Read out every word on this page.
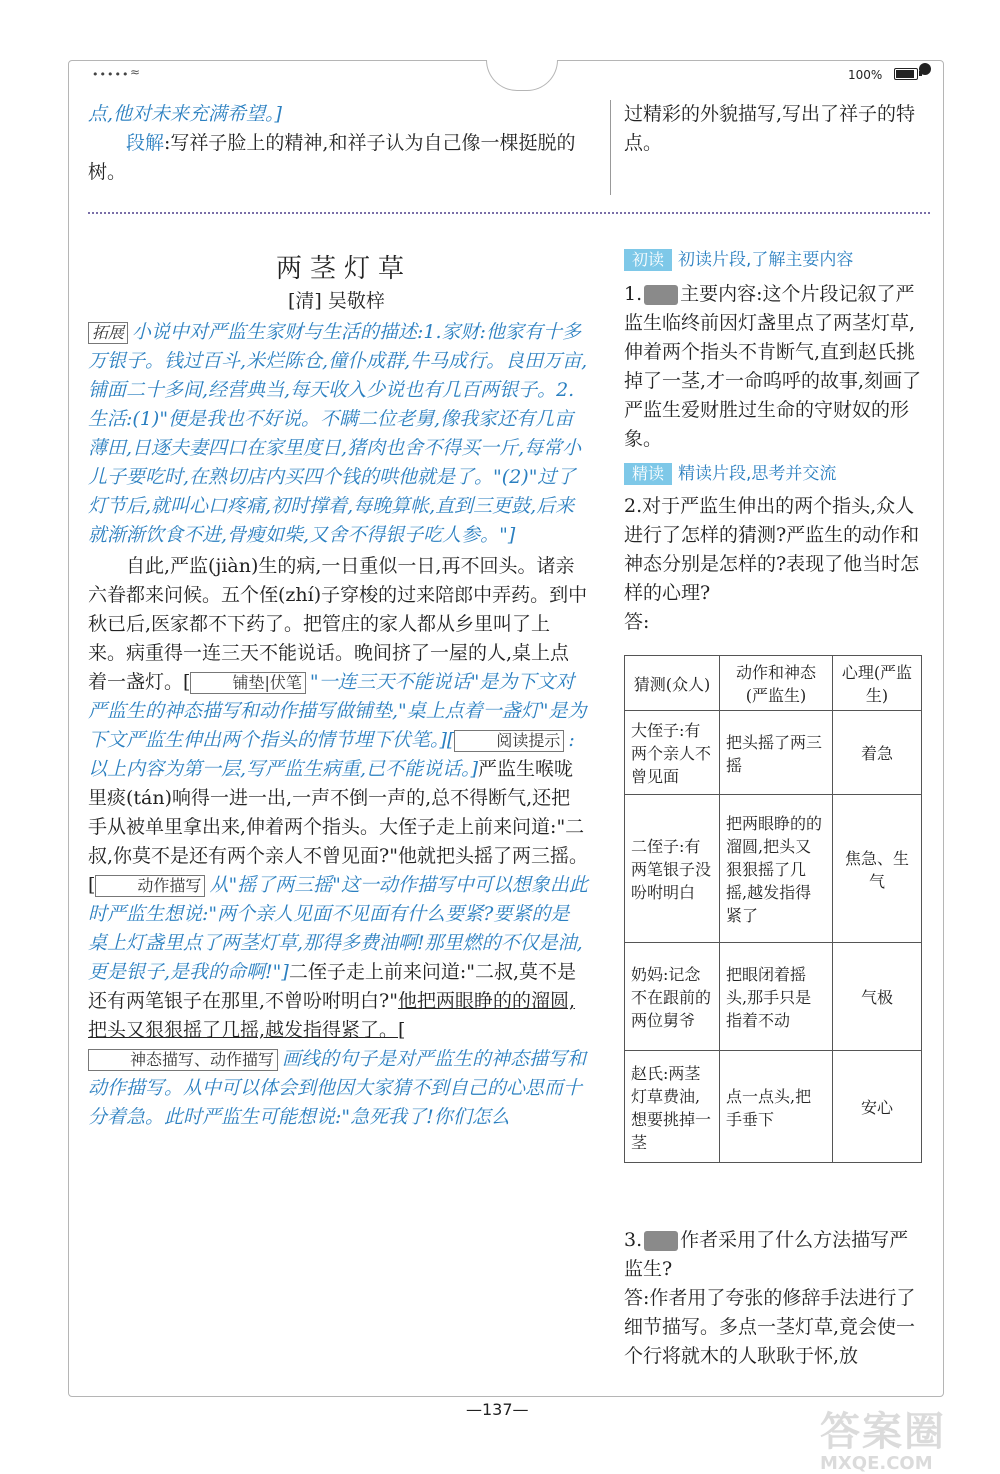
••••• ≈	100%
点,他对未来充满希望。]
段解:写祥子脸上的精神,和祥子认为自己像一棵挺脱的树。
过精彩的外貌描写,写出了祥子的特点。
两茎灯草
[清] 吴敬梓
拓展 小说中对严监生家财与生活的描述:1.家财:他家有十多万银子。钱过百斗,米烂陈仓,僮仆成群,牛马成行。良田万亩,铺面二十多间,经营典当,每天收入少说也有几百两银子。2.生活:(1)"便是我也不好说。不瞒二位老舅,像我家还有几亩薄田,日逐夫妻四口在家里度日,猪肉也舍不得买一斤,每常小儿子要吃时,在熟切店内买四个钱的哄他就是了。"(2)"过了灯节后,就叫心口疼痛,初时撑着,每晚算帐,直到三更鼓,后来就渐渐饮食不进,骨瘦如柴,又舍不得银子吃人参。"]
自此,严监(jiàn)生的病,一日重似一日,再不回头。诸亲六眷都来问候。五个侄(zhí)子穿梭的过来陪郎中弄药。到中秋已后,医家都不下药了。把管庄的家人都从乡里叫了上来。病重得一连三天不能说话。晚间挤了一屋的人,桌上点着一盏灯。[	铺垫|伏笔 "一连三天不能说话"是为下文对严监生的神态描写和动作描写做铺垫,"桌上点着一盏灯"是为下文严监生伸出两个指头的情节埋下伏笔。][	阅读提示 :以上内容为第一层,写严监生病重,已不能说话。]严监生喉咙里痰(tán)响得一进一出,一声不倒一声的,总不得断气,还把手从被单里拿出来,伸着两个指头。大侄子走上前来问道:"二叔,你莫不是还有两个亲人不曾见面?"他就把头摇了两三摇。[	动作描写 从"摇了两三摇"这一动作描写中可以想象出此时严监生想说:"两个亲人见面不见面有什么要紧?要紧的是桌上灯盏里点了两茎灯草,那得多费油啊!那里燃的不仅是油,更是银子,是我的命啊!"]二侄子走上前来问道:"二叔,莫不是还有两笔银子在那里,不曾吩咐明白?"他把两眼睁的的溜圆,把头又狠狠摇了几摇,越发指得紧了。[神态描写、动作描写 画线的句子是对严监生的神态描写和动作描写。从中可以体会到他因大家猜不到自己的心思而十分着急。此时严监生可能想说:"急死我了!你们怎么
初读 初读片段,了解主要内容
1. 主要内容:这个片段记叙了严监生临终前因灯盏里点了两茎灯草,伸着两个指头不肯断气,直到赵氏挑掉了一茎,才一命呜呼的故事,刻画了严监生爱财胜过生命的守财奴的形象。
精读 精读片段,思考并交流
2.对于严监生伸出的两个指头,众人进行了怎样的猜测?严监生的动作和神态分别是怎样的?表现了他当时怎样的心理?
答:
猜测(众人)	动作和神态(严监生)	心理(严监生)
大侄子:有两个亲人不曾见面	把头摇了两三摇	着急
二侄子:有两笔银子没吩咐明白	把两眼睁的的溜圆,把头又狠狠摇了几摇,越发指得紧了	焦急、生气
奶妈:记念不在跟前的两位舅爷	把眼闭着摇头,那手只是指着不动	气极
赵氏:两茎灯草费油,想要挑掉一茎	点一点头,把手垂下	安心
3. 作者采用了什么方法描写严监生?
答:作者用了夸张的修辞手法进行了细节描写。多点一茎灯草,竟会使一个行将就木的人耿耿于怀,放
—137—	答案圈
MXQE.COM
